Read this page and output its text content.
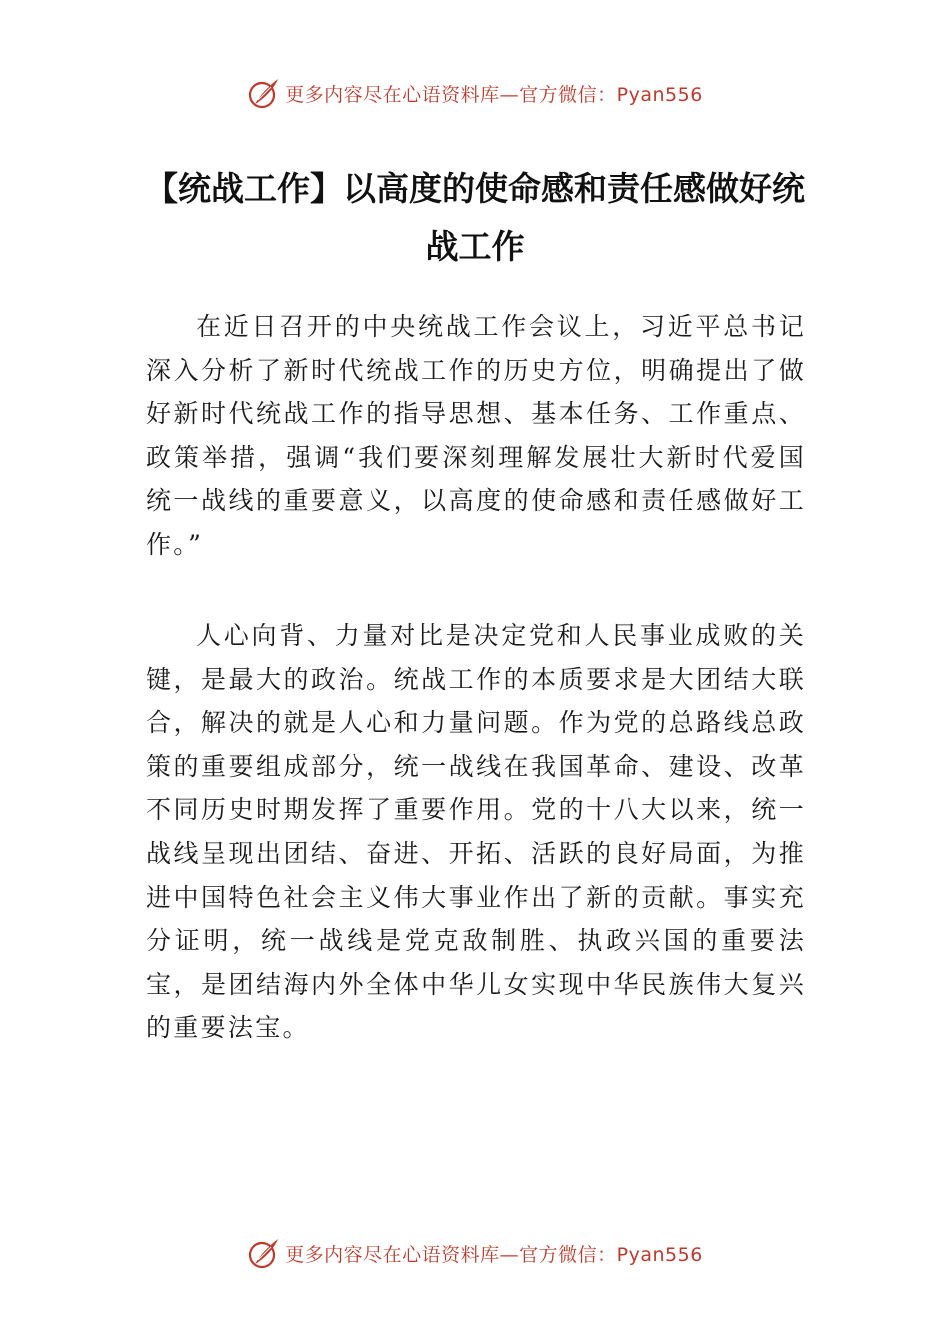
更多内容尽在心语资料库—官方微信：Pyan556
【统战工作】以高度的使命感和责任感做好统战工作

在近日召开的中央统战工作会议上，习近平总书记深入分析了新时代统战工作的历史方位，明确提出了做好新时代统战工作的指导思想、基本任务、工作重点、政策举措，强调“我们要深刻理解发展壮大新时代爱国统一战线的重要意义，以高度的使命感和责任感做好工作。”

人心向背、力量对比是决定党和人民事业成败的关键，是最大的政治。统战工作的本质要求是大团结大联合，解决的就是人心和力量问题。作为党的总路线总政策的重要组成部分，统一战线在我国革命、建设、改革不同历史时期发挥了重要作用。党的十八大以来，统一战线呈现出团结、奋进、开拓、活跃的良好局面，为推进中国特色社会主义伟大事业作出了新的贡献。事实充分证明，统一战线是党克敌制胜、执政兴国的重要法宝，是团结海内外全体中华儿女实现中华民族伟大复兴的重要法宝。

更多内容尽在心语资料库—官方微信：Pyan556
